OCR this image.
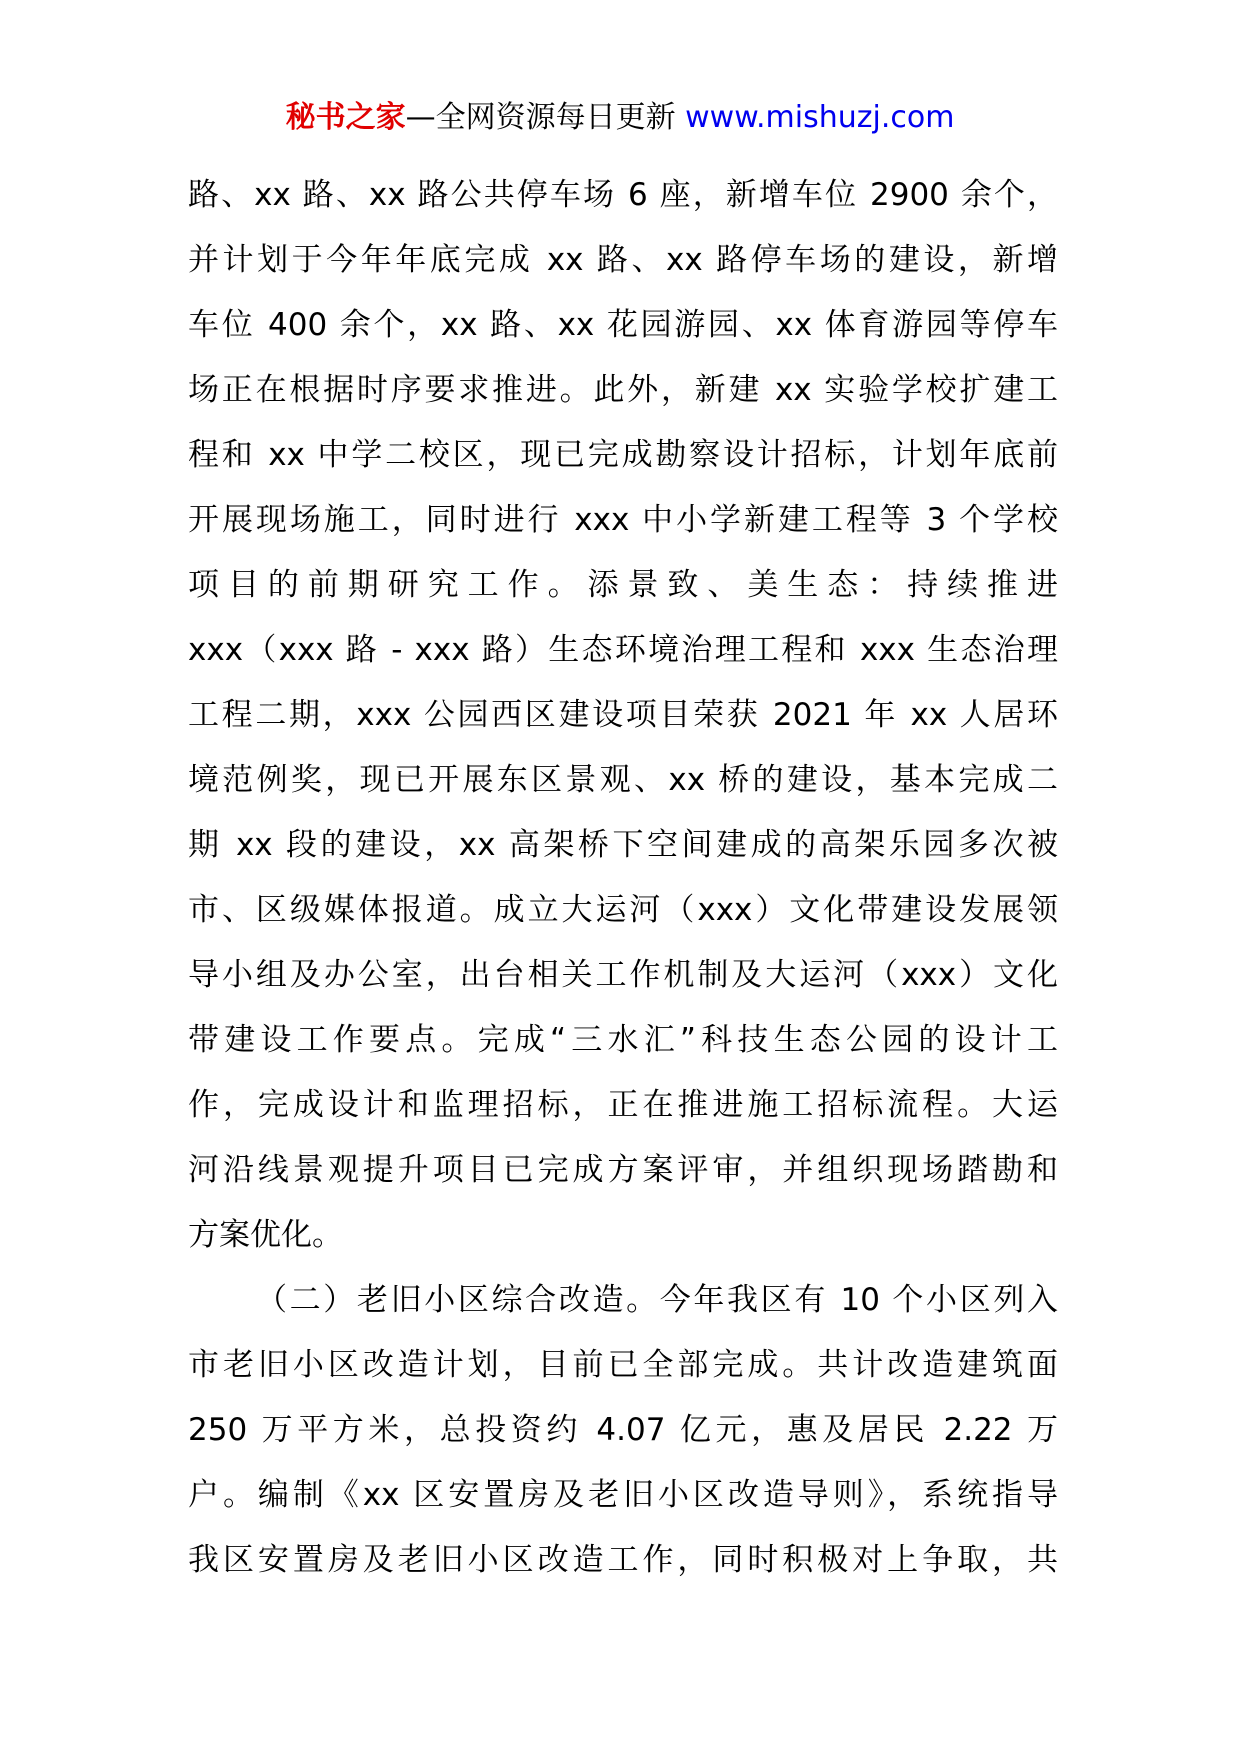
秘书之家—全网资源每日更新 www.mishuzj.com
路、xx 路、xx 路公共停车场 6 座，新增车位 2900 余个，
并计划于今年年底完成 xx 路、xx 路停车场的建设，新增
车位 400 余个，xx 路、xx 花园游园、xx 体育游园等停车
场正在根据时序要求推进。此外，新建 xx 实验学校扩建工
程和 xx 中学二校区，现已完成勘察设计招标，计划年底前
开展现场施工，同时进行 xxx 中小学新建工程等 3 个学校
项目的前期研究工作。添景致、美生态：持续推进
xxx（xxx 路 - xxx 路）生态环境治理工程和 xxx 生态治理
工程二期，xxx 公园西区建设项目荣获 2021 年 xx 人居环
境范例奖，现已开展东区景观、xx 桥的建设，基本完成二
期 xx 段的建设，xx 高架桥下空间建成的高架乐园多次被
市、区级媒体报道。成立大运河（xxx）文化带建设发展领
导小组及办公室，出台相关工作机制及大运河（xxx）文化
带建设工作要点。完成“三水汇”科技生态公园的设计工
作，完成设计和监理招标，正在推进施工招标流程。大运
河沿线景观提升项目已完成方案评审，并组织现场踏勘和
方案优化。
（二）老旧小区综合改造。今年我区有 10 个小区列入
市老旧小区改造计划，目前已全部完成。共计改造建筑面
250 万平方米，总投资约 4.07 亿元，惠及居民 2.22 万
户。编制《xx 区安置房及老旧小区改造导则》，系统指导
我区安置房及老旧小区改造工作，同时积极对上争取，共
